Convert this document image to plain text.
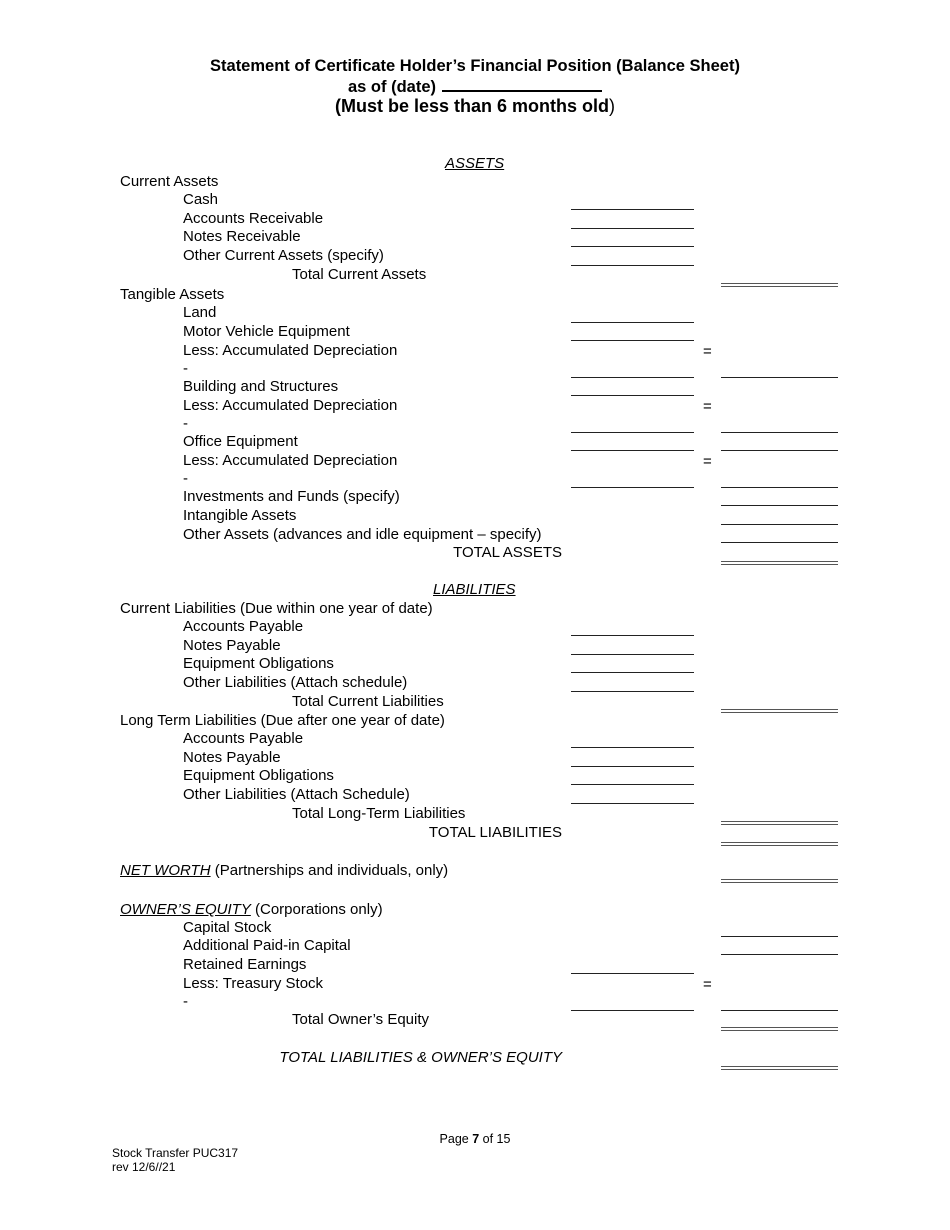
Statement of Certificate Holder’s Financial Position (Balance Sheet)
as of (date)
(Must be less than 6 months old)
ASSETS
Current Assets
Cash
Accounts Receivable
Notes Receivable
Other Current Assets (specify)
Total Current Assets
Tangible Assets
Land
Motor Vehicle Equipment
Less: Accumulated Depreciation
-
=
Building and Structures
Less: Accumulated Depreciation
-
=
Office Equipment
Less: Accumulated Depreciation
-
=
Investments and Funds (specify)
Intangible Assets
Other Assets (advances and idle equipment – specify)
TOTAL ASSETS
LIABILITIES
Current Liabilities (Due within one year of date)
Accounts Payable
Notes Payable
Equipment Obligations
Other Liabilities (Attach schedule)
Total Current Liabilities
Long Term Liabilities (Due after one year of date)
Accounts Payable
Notes Payable
Equipment Obligations
Other Liabilities (Attach Schedule)
Total Long-Term Liabilities
TOTAL LIABILITIES
NET WORTH (Partnerships and individuals, only)
OWNER’S EQUITY (Corporations only)
Capital Stock
Additional Paid-in Capital
Retained Earnings
Less: Treasury Stock
-
=
Total Owner’s Equity
TOTAL LIABILITIES & OWNER’S EQUITY
Page 7 of 15
Stock Transfer PUC317
rev 12/6//21
